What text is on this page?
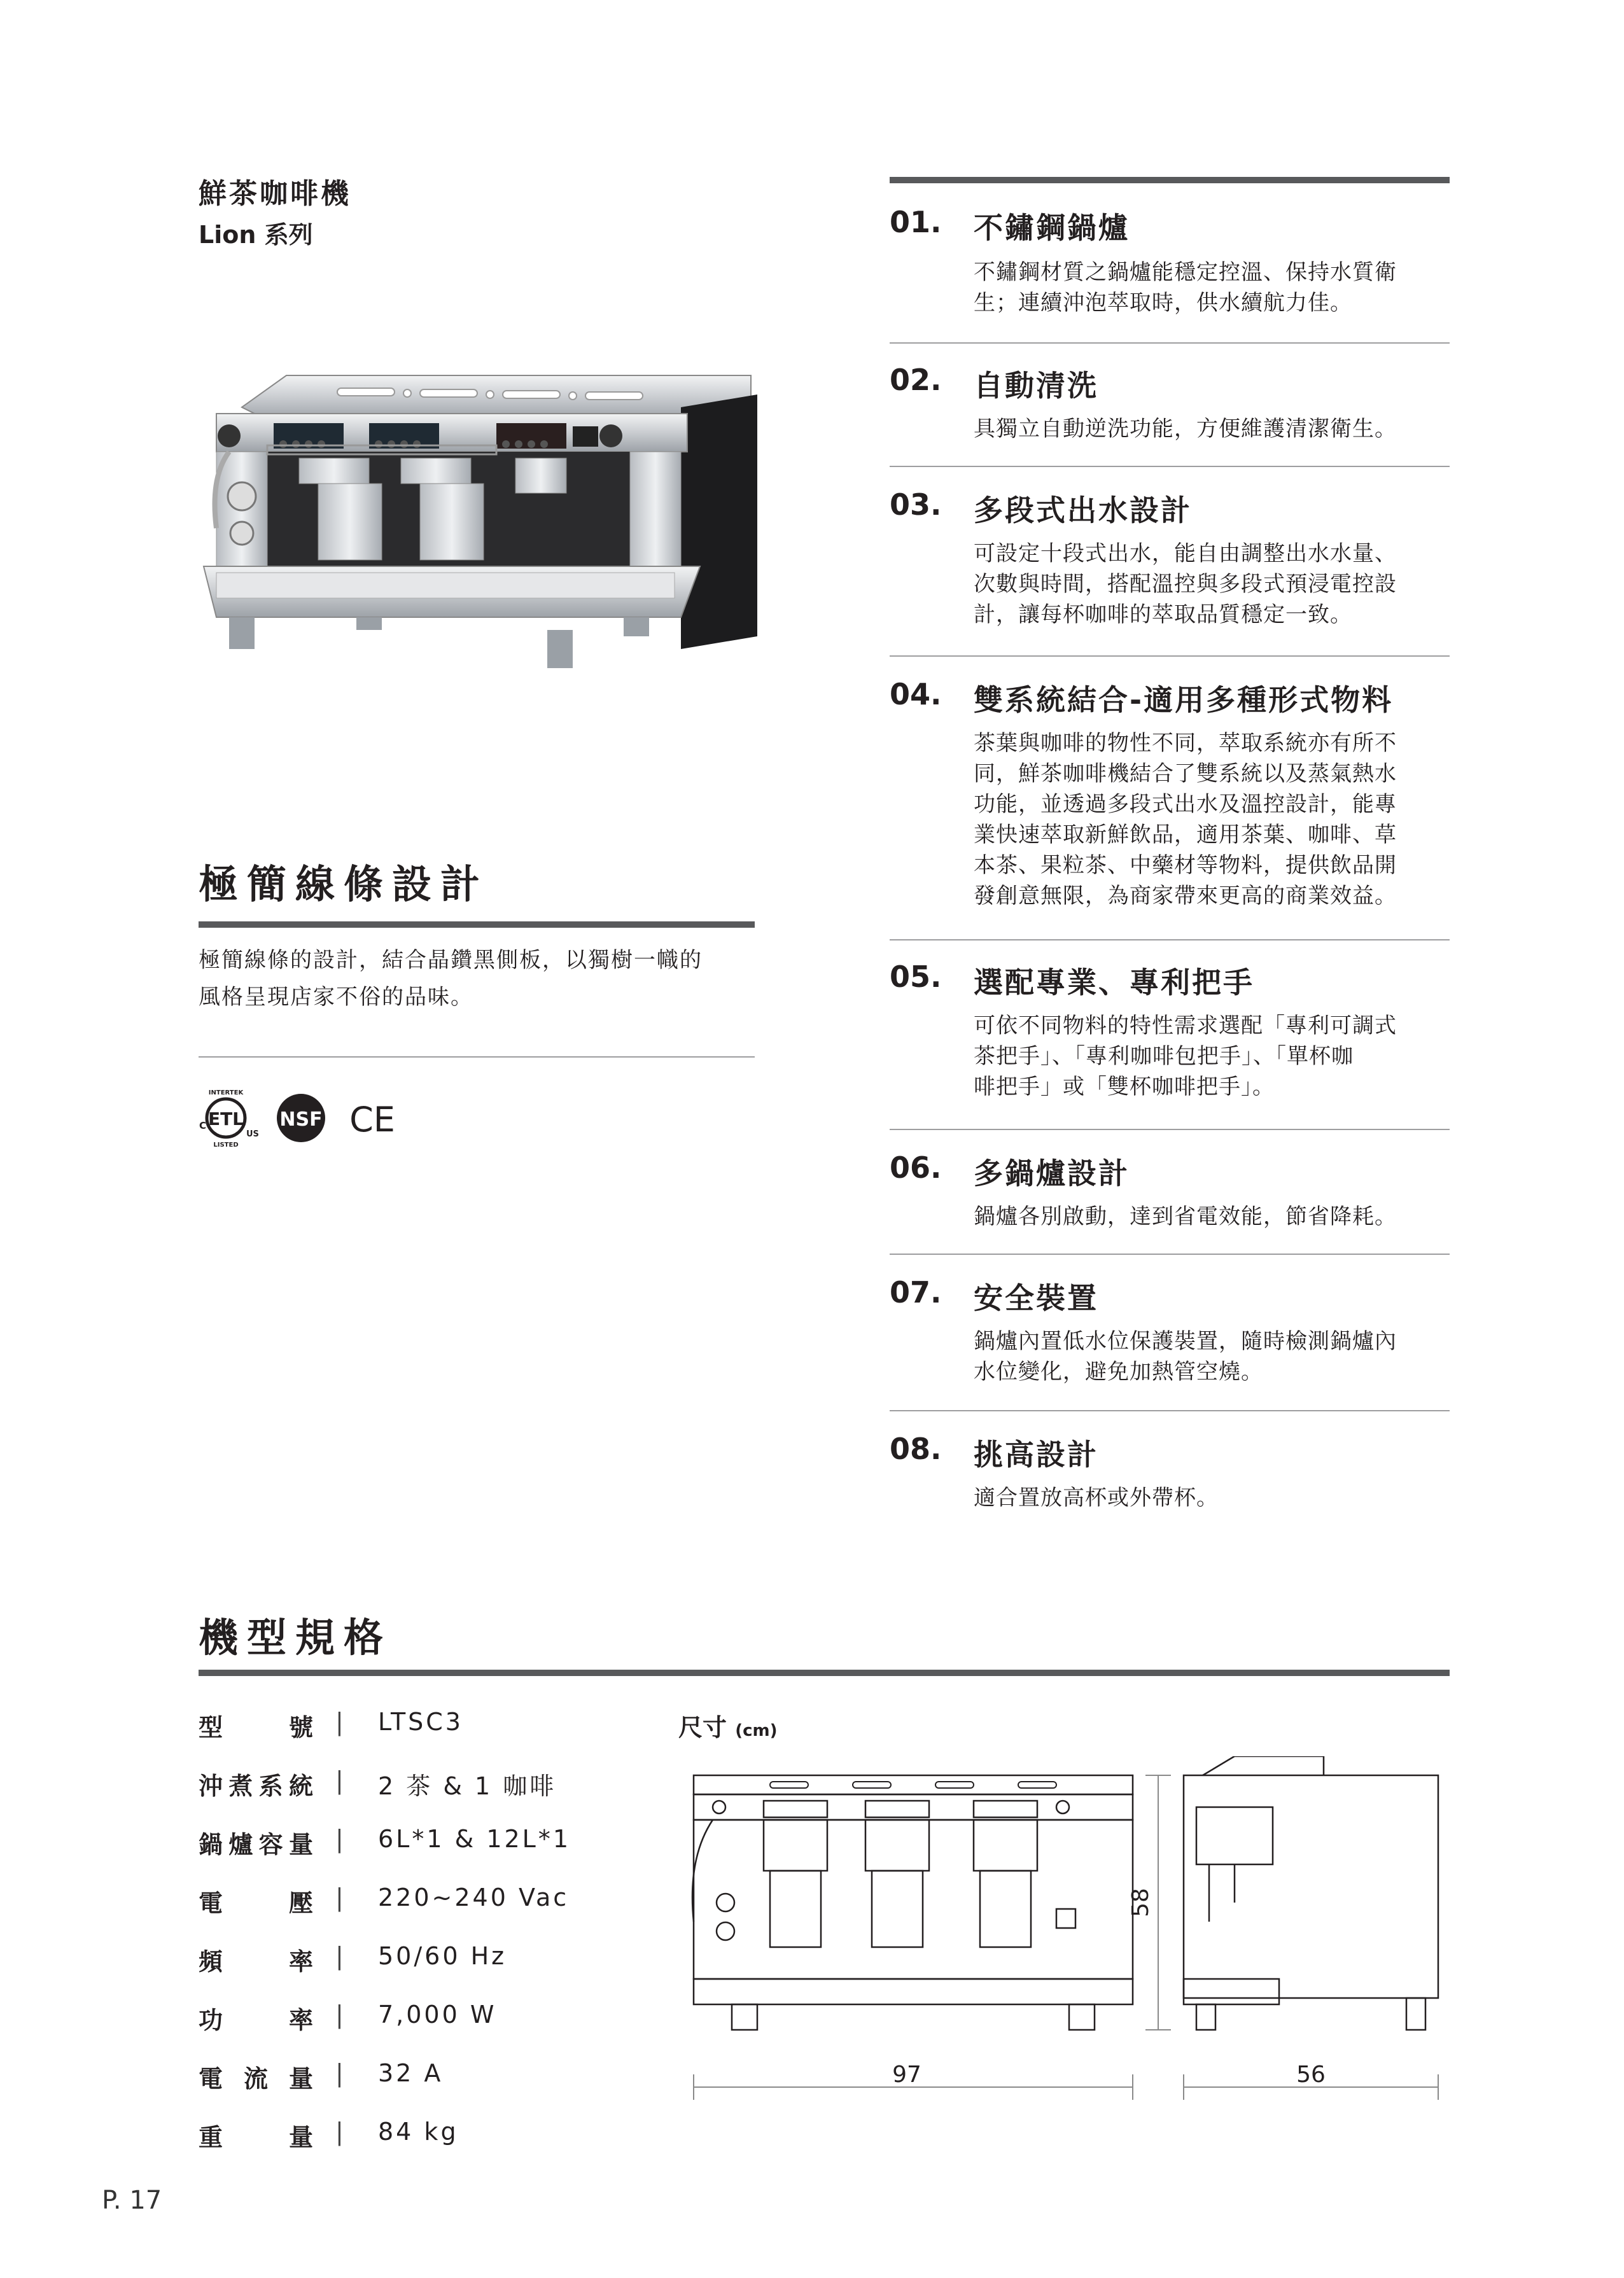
鮮茶咖啡機
Lion 系列
極簡線條設計
極簡線條的設計，結合晶鑽黑側板，以獨樹一幟的
風格呈現店家不俗的品味。
ETL
C
US
INTERTEK
LISTED
NSF CE
01. 不鏽鋼鍋爐
不鏽鋼材質之鍋爐能穩定控溫、保持水質衛
生；連續沖泡萃取時，供水續航力佳。
02. 自動清洗
具獨立自動逆洗功能，方便維護清潔衛生。
03. 多段式出水設計
可設定十段式出水，能自由調整出水水量、
次數與時間，搭配溫控與多段式預浸電控設
計，讓每杯咖啡的萃取品質穩定一致。
04. 雙系統結合-適用多種形式物料
茶葉與咖啡的物性不同，萃取系統亦有所不
同，鮮茶咖啡機結合了雙系統以及蒸氣熱水
功能，並透過多段式出水及溫控設計，能專
業快速萃取新鮮飲品，適用茶葉、咖啡、草
本茶、果粒茶、中藥材等物料，提供飲品開
發創意無限，為商家帶來更高的商業效益。
05. 選配專業、專利把手
可依不同物料的特性需求選配「專利可調式
茶把手」、「專利咖啡包把手」、「單杯咖
啡把手」或「雙杯咖啡把手」。
06. 多鍋爐設計
鍋爐各別啟動，達到省電效能，節省降耗。
07. 安全裝置
鍋爐內置低水位保護裝置，隨時檢測鍋爐內
水位變化，避免加熱管空燒。
08. 挑高設計
適合置放高杯或外帶杯。
機型規格
型	號 | LTSC3
沖 煮 系 統 | 2 茶 & 1 咖啡
鍋 爐 容 量 | 6L*1 & 12L*1
電	壓 | 220~240 Vac
頻	率 | 50/60 Hz
功	率 | 7,000 W
電 流 量 | 32 A
重	量 | 84 kg
尺寸 (cm)
97	56
58
P. 17
